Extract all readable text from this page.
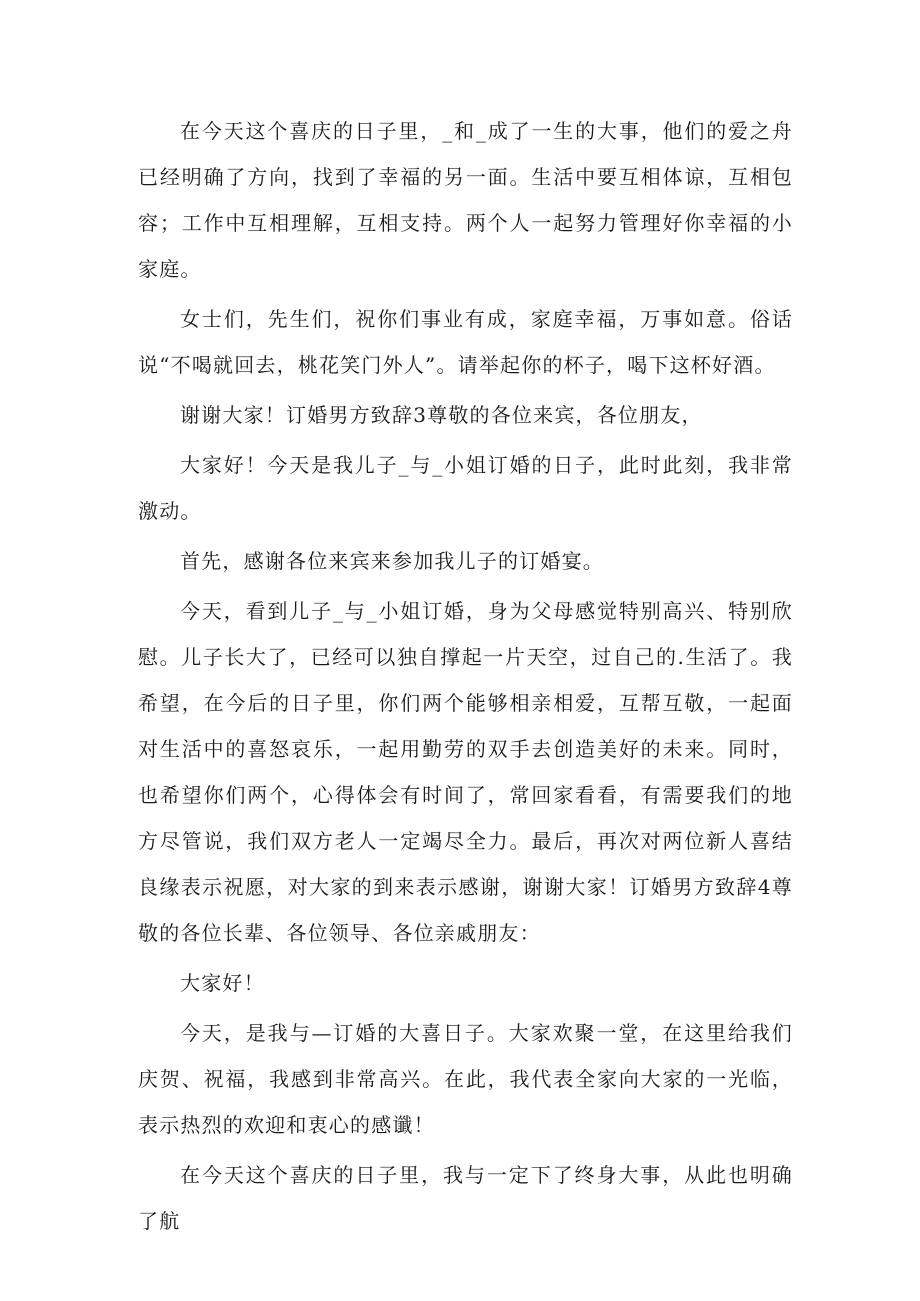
在今天这个喜庆的日子里，_和_成了一生的大事，他们的爱之舟已经明确了方向，找到了幸福的另一面。生活中要互相体谅，互相包容；工作中互相理解，互相支持。两个人一起努力管理好你幸福的小家庭。

女士们，先生们，祝你们事业有成，家庭幸福，万事如意。俗话说“不喝就回去，桃花笑门外人”。请举起你的杯子，喝下这杯好酒。

谢谢大家！订婚男方致辞3尊敬的各位来宾，各位朋友，

大家好！今天是我儿子_与_小姐订婚的日子，此时此刻，我非常激动。

首先，感谢各位来宾来参加我儿子的订婚宴。

今天，看到儿子_与_小姐订婚，身为父母感觉特别高兴、特别欣慰。儿子长大了，已经可以独自撑起一片天空，过自己的.生活了。我希望，在今后的日子里，你们两个能够相亲相爱，互帮互敬，一起面对生活中的喜怒哀乐，一起用勤劳的双手去创造美好的未来。同时，也希望你们两个，心得体会有时间了，常回家看看，有需要我们的地方尽管说，我们双方老人一定竭尽全力。最后，再次对两位新人喜结良缘表示祝愿，对大家的到来表示感谢，谢谢大家！订婚男方致辞4尊敬的各位长辈、各位领导、各位亲戚朋友：

大家好！

今天，是我与—订婚的大喜日子。大家欢聚一堂，在这里给我们庆贺、祝福，我感到非常高兴。在此，我代表全家向大家的一光临，表示热烈的欢迎和衷心的感谶！

在今天这个喜庆的日子里，我与一定下了终身大事，从此也明确了航
